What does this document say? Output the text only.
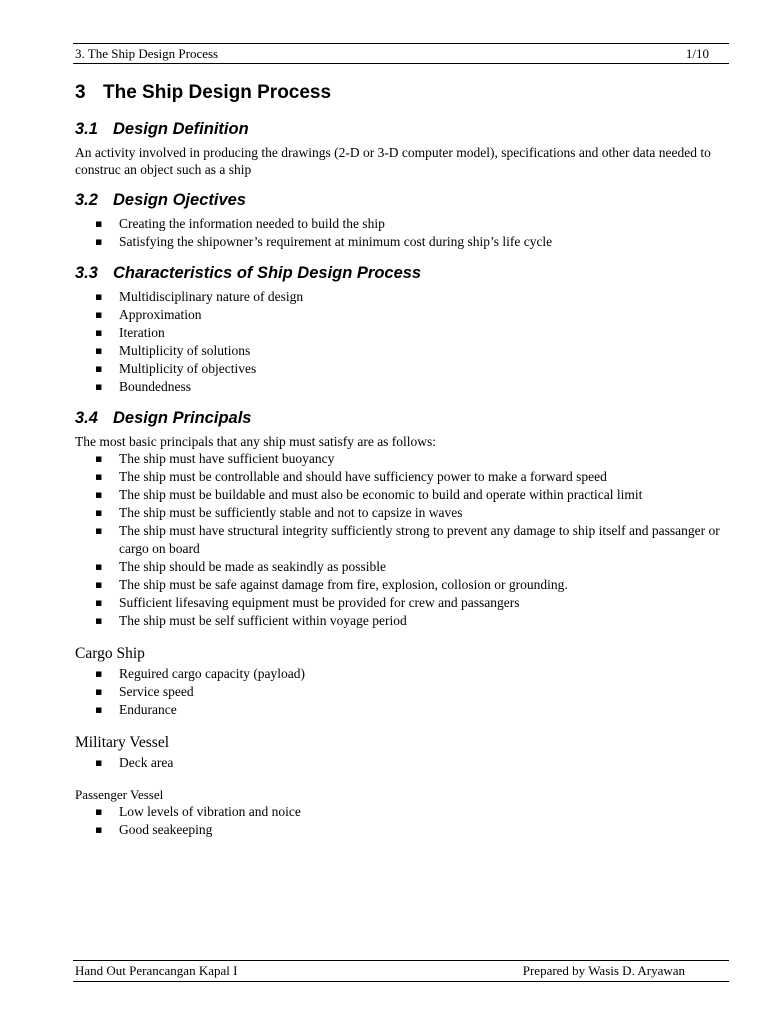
3. The Ship Design Process	1/10
3 The Ship Design Process
3.1 Design Definition

An activity involved in producing the drawings (2-D or 3-D computer model), specifications and other data needed to construc an object such as a ship

3.2 Design Ojectives
▪ Creating the information needed to build the ship
▪ Satisfying the shipowner’s requirement at minimum cost during ship’s life cycle
3.3 Characteristics of Ship Design Process
▪ Multidisciplinary nature of design
▪ Approximation
▪ Iteration
▪ Multiplicity of solutions
▪ Multiplicity of objectives
▪ Boundedness
3.4 Design Principals

The most basic principals that any ship must satisfy are as follows:

▪ The ship must have sufficient buoyancy
▪ The ship must be controllable and should have sufficiency power to make a forward speed
▪ The ship must be buildable and must also be economic to build and operate within practical limit
▪ The ship must be sufficiently stable and not to capsize in waves
▪ The ship must have structural integrity sufficiently strong to prevent any damage to ship itself and passanger or cargo on board
▪ The ship should be made as seakindly as possible
▪ The ship must be safe against damage from fire, explosion, collosion or grounding.
▪ Sufficient lifesaving equipment must be provided for crew and passangers
▪ The ship must be self sufficient within voyage period
Cargo Ship
▪ Reguired cargo capacity (payload)
▪ Service speed
▪ Endurance
Military Vessel
▪ Deck area
Passenger Vessel
▪ Low levels of vibration and noice
▪ Good seakeeping
Hand Out Perancangan Kapal I	Prepared by Wasis D. Aryawan
